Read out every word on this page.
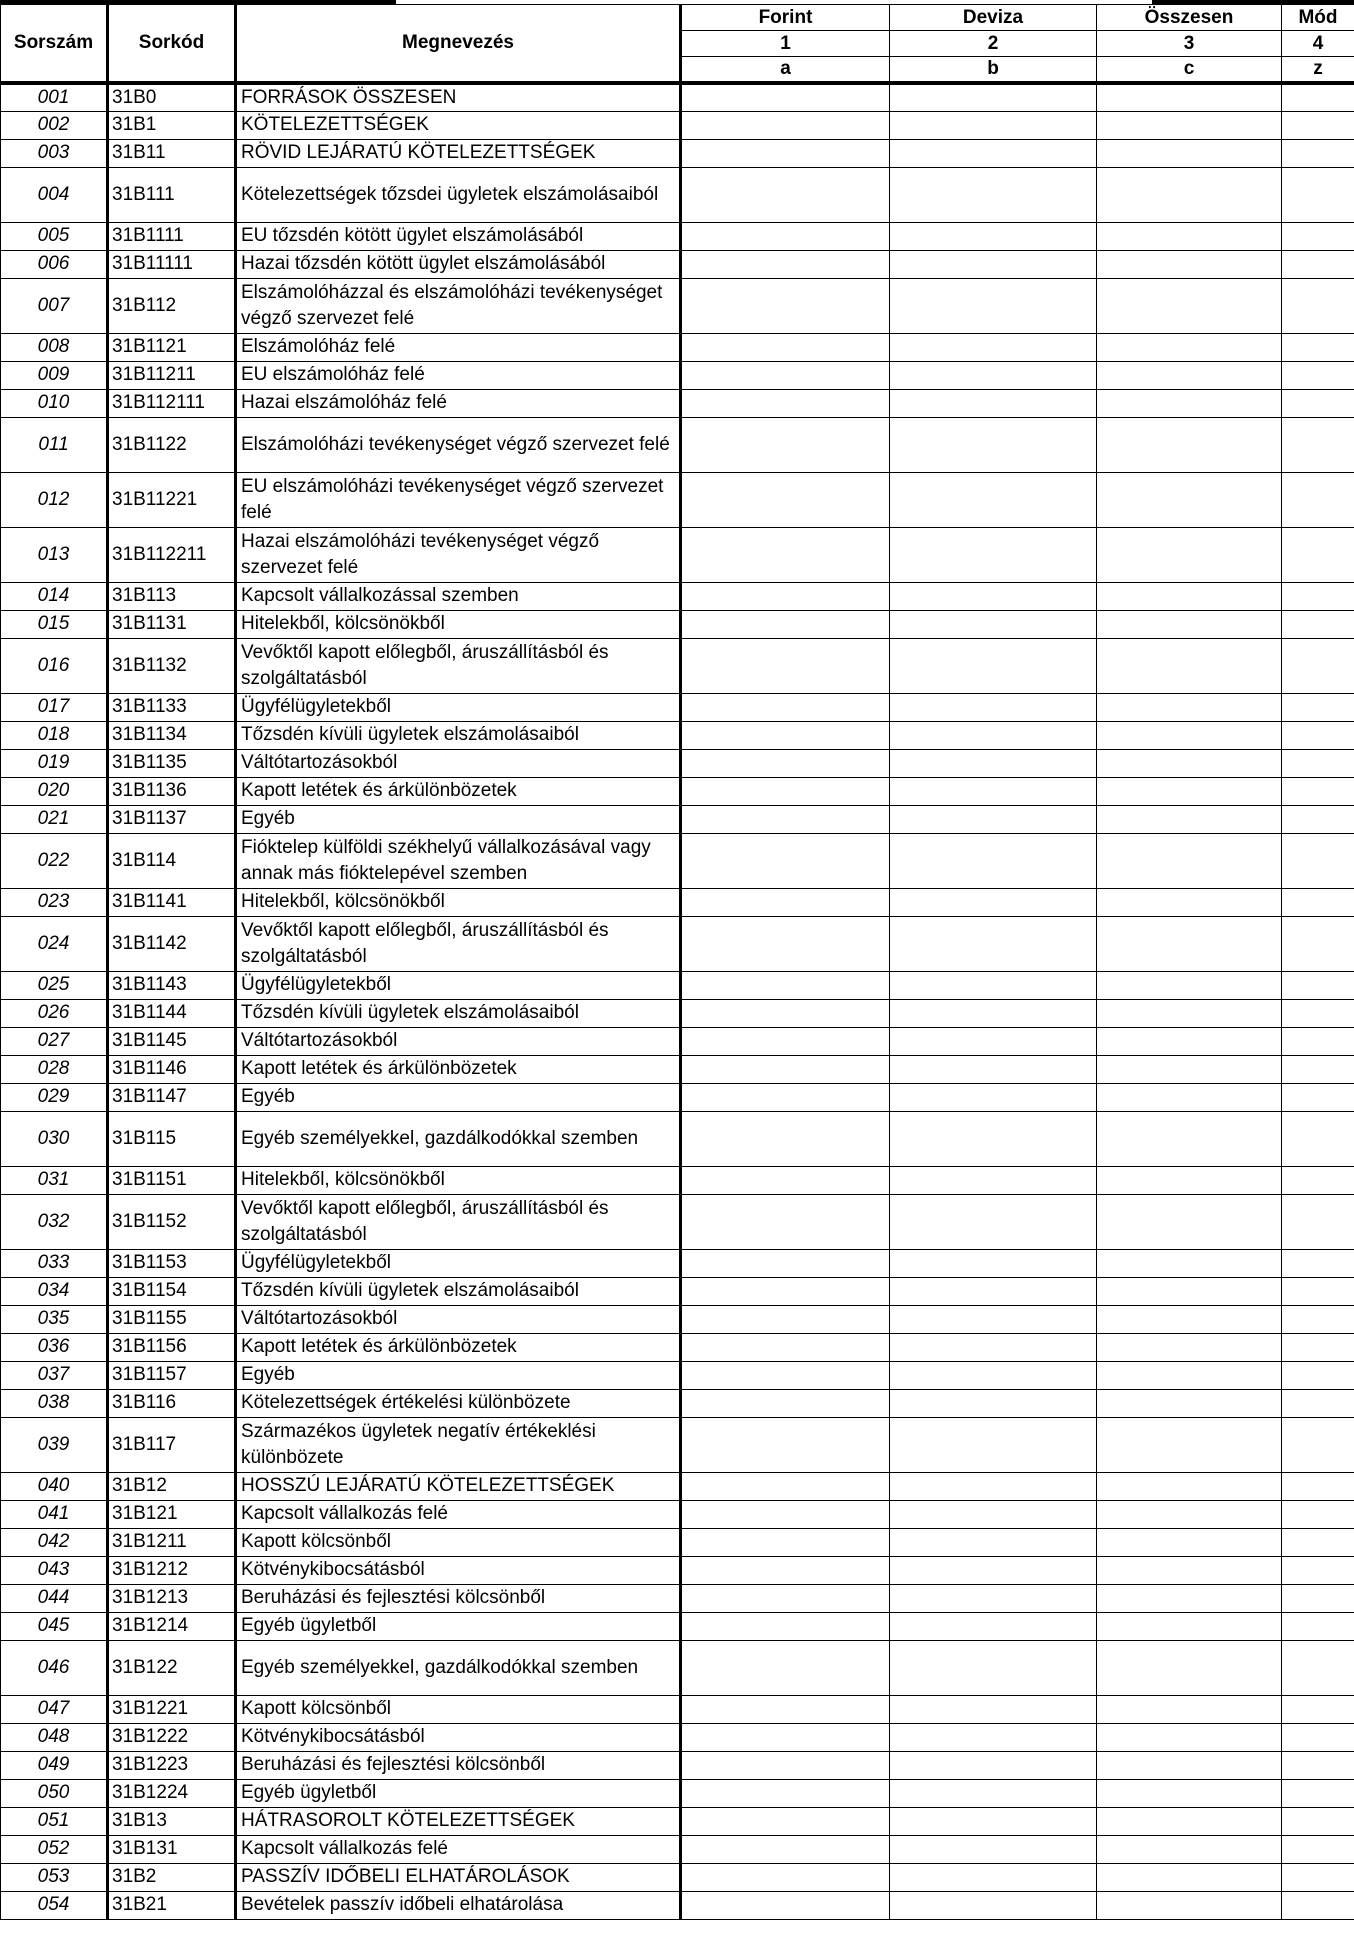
Sorszám	Sorkód	Megnevezés	Forint	Deviza	Összesen	Mód
			1	2	3	4
			a	b	c	z
001	31B0	FORRÁSOK ÖSSZESEN				
002	31B1	KÖTELEZETTSÉGEK				
003	31B11	RÖVID LEJÁRATÚ KÖTELEZETTSÉGEK				
004	31B111	Kötelezettségek tőzsdei ügyletek elszámolásaiból				
005	31B1111	EU tőzsdén kötött ügylet elszámolásából				
006	31B11111	Hazai tőzsdén kötött ügylet elszámolásából				
007	31B112	Elszámolóházzal és elszámolóházi tevékenységet végző szervezet felé				
008	31B1121	Elszámolóház felé				
009	31B11211	EU elszámolóház felé				
010	31B112111	Hazai elszámolóház felé				
011	31B1122	Elszámolóházi tevékenységet végző szervezet felé				
012	31B11221	EU elszámolóházi tevékenységet végző szervezet felé				
013	31B112211	Hazai elszámolóházi tevékenységet végző szervezet felé				
014	31B113	Kapcsolt vállalkozással szemben				
015	31B1131	Hitelekből, kölcsönökből				
016	31B1132	Vevőktől kapott előlegből, áruszállításból és szolgáltatásból				
017	31B1133	Ügyfélügyletekből				
018	31B1134	Tőzsdén kívüli ügyletek elszámolásaiból				
019	31B1135	Váltótartozásokból				
020	31B1136	Kapott letétek és árkülönbözetek				
021	31B1137	Egyéb				
022	31B114	Fióktelep külföldi székhelyű vállalkozásával vagy annak más fióktelepével szemben				
023	31B1141	Hitelekből, kölcsönökből				
024	31B1142	Vevőktől kapott előlegből, áruszállításból és szolgáltatásból				
025	31B1143	Ügyfélügyletekből				
026	31B1144	Tőzsdén kívüli ügyletek elszámolásaiból				
027	31B1145	Váltótartozásokból				
028	31B1146	Kapott letétek és árkülönbözetek				
029	31B1147	Egyéb				
030	31B115	Egyéb személyekkel, gazdálkodókkal szemben				
031	31B1151	Hitelekből, kölcsönökből				
032	31B1152	Vevőktől kapott előlegből, áruszállításból és szolgáltatásból				
033	31B1153	Ügyfélügyletekből				
034	31B1154	Tőzsdén kívüli ügyletek elszámolásaiból				
035	31B1155	Váltótartozásokból				
036	31B1156	Kapott letétek és árkülönbözetek				
037	31B1157	Egyéb				
038	31B116	Kötelezettségek értékelési különbözete				
039	31B117	Származékos ügyletek negatív értékeklési különbözete				
040	31B12	HOSSZÚ LEJÁRATÚ KÖTELEZETTSÉGEK				
041	31B121	Kapcsolt vállalkozás felé				
042	31B1211	Kapott kölcsönből				
043	31B1212	Kötvénykibocsátásból				
044	31B1213	Beruházási és fejlesztési kölcsönből				
045	31B1214	Egyéb ügyletből				
046	31B122	Egyéb személyekkel, gazdálkodókkal szemben				
047	31B1221	Kapott kölcsönből				
048	31B1222	Kötvénykibocsátásból				
049	31B1223	Beruházási és fejlesztési kölcsönből				
050	31B1224	Egyéb ügyletből				
051	31B13	HÁTRASOROLT KÖTELEZETTSÉGEK				
052	31B131	Kapcsolt vállalkozás felé				
053	31B2	PASSZÍV IDŐBELI ELHATÁROLÁSOK				
054	31B21	Bevételek passzív időbeli elhatárolása				
